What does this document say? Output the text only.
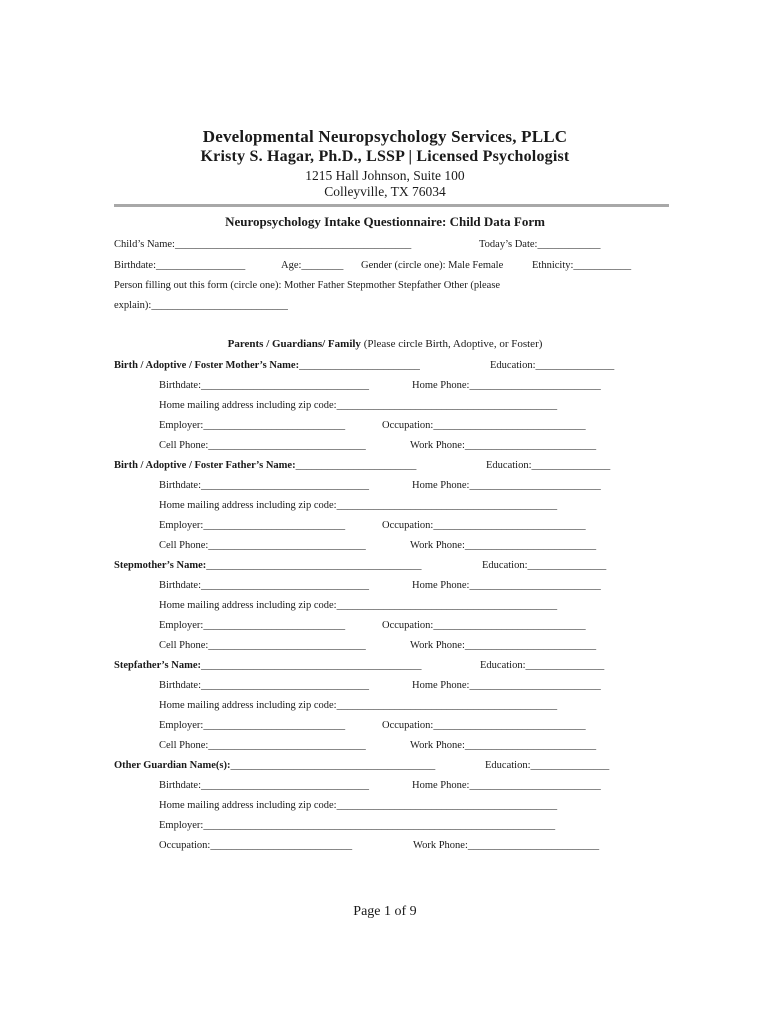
Developmental Neuropsychology Services, PLLC
Kristy S. Hagar, Ph.D., LSSP | Licensed Psychologist
1215 Hall Johnson, Suite 100
Colleyville, TX 76034
Neuropsychology Intake Questionnaire: Child Data Form
Child’s Name:_____________________________________________	Today’s Date:____________
Birthdate:_________________	Age:________ Gender (circle one): Male Female	Ethnicity:___________
Person filling out this form (circle one): Mother Father Stepmother Stepfather Other (please
explain):__________________________
Parents / Guardians/ Family (Please circle Birth, Adoptive, or Foster)
Birth / Adoptive / Foster Mother’s Name:_______________________	Education:_______________
Birthdate:________________________________	Home Phone:_________________________
Home mailing address including zip code:__________________________________________
Employer:___________________________	Occupation:_____________________________
Cell Phone:______________________________	Work Phone:_________________________
Birth / Adoptive / Foster Father’s Name:_______________________	Education:_______________
Birthdate:________________________________	Home Phone:_________________________
Home mailing address including zip code:__________________________________________
Employer:___________________________	Occupation:_____________________________
Cell Phone:______________________________	Work Phone:_________________________
Stepmother’s Name:_________________________________________	Education:_______________
Birthdate:________________________________	Home Phone:_________________________
Home mailing address including zip code:__________________________________________
Employer:___________________________	Occupation:_____________________________
Cell Phone:______________________________	Work Phone:_________________________
Stepfather’s Name:__________________________________________	Education:_______________
Birthdate:________________________________	Home Phone:_________________________
Home mailing address including zip code:__________________________________________
Employer:___________________________	Occupation:_____________________________
Cell Phone:______________________________	Work Phone:_________________________
Other Guardian Name(s):_______________________________________	Education:_______________
Birthdate:________________________________	Home Phone:_________________________
Home mailing address including zip code:__________________________________________
Employer:___________________________________________________________________
Occupation:___________________________	Work Phone:_________________________
Page 1 of 9
